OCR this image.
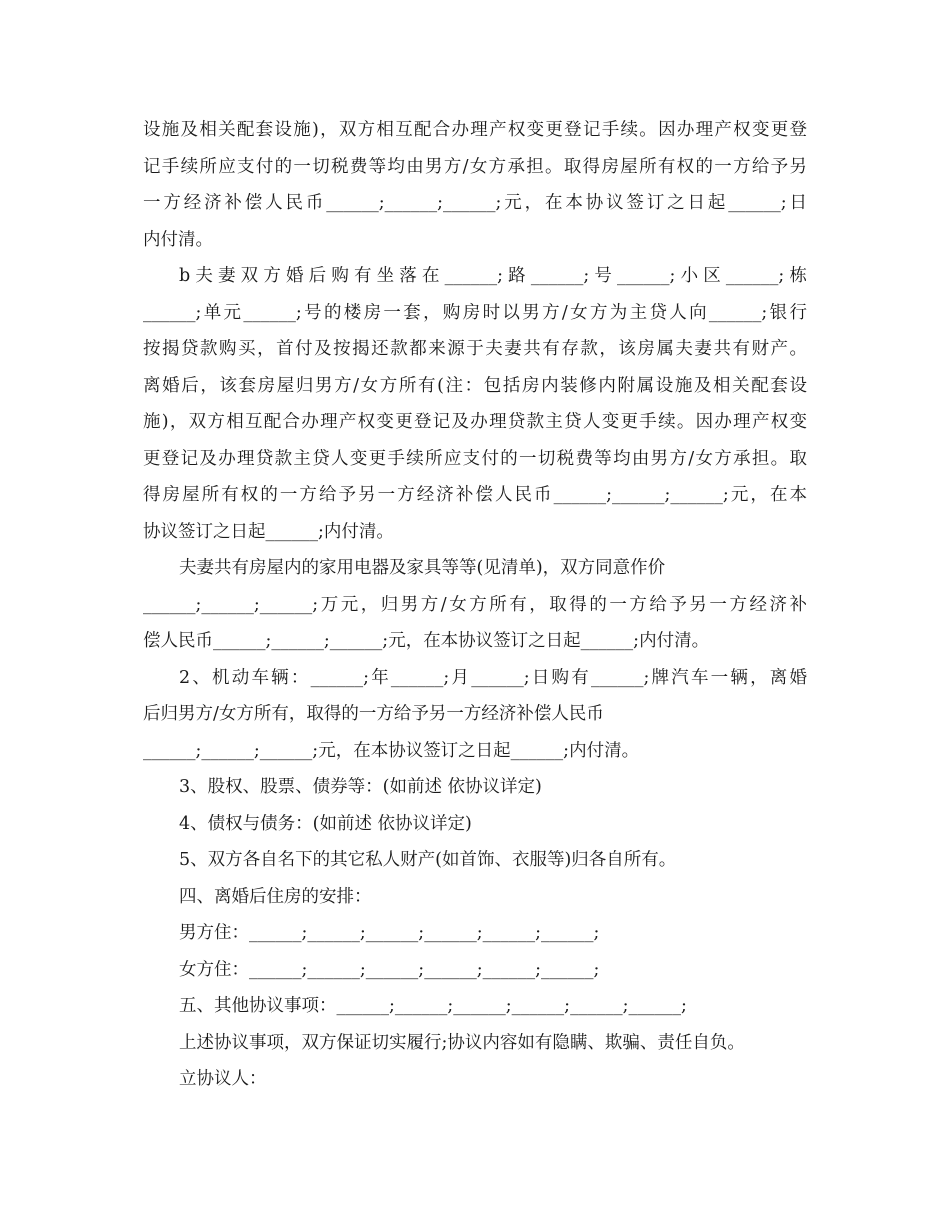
设施及相关配套设施)，双方相互配合办理产权变更登记手续。因办理产权变更登
记手续所应支付的一切税费等均由男方/女方承担。取得房屋所有权的一方给予另
一方经济补偿人民币______;______;______;元，在本协议签订之日起______;日
内付清。
b夫妻双方婚后购有坐落在______;路______;号______;小区______;栋
______;单元______;号的楼房一套，购房时以男方/女方为主贷人向______;银行
按揭贷款购买，首付及按揭还款都来源于夫妻共有存款，该房属夫妻共有财产。
离婚后，该套房屋归男方/女方所有(注：包括房内装修内附属设施及相关配套设
施)，双方相互配合办理产权变更登记及办理贷款主贷人变更手续。因办理产权变
更登记及办理贷款主贷人变更手续所应支付的一切税费等均由男方/女方承担。取
得房屋所有权的一方给予另一方经济补偿人民币______;______;______;元，在本
协议签订之日起______;内付清。
夫妻共有房屋内的家用电器及家具等等(见清单)，双方同意作价
______;______;______;万元，归男方/女方所有，取得的一方给予另一方经济补
偿人民币______;______;______;元，在本协议签订之日起______;内付清。
2、机动车辆：______;年______;月______;日购有______;牌汽车一辆，离婚
后归男方/女方所有，取得的一方给予另一方经济补偿人民币
______;______;______;元，在本协议签订之日起______;内付清。
3、股权、股票、债券等：(如前述 依协议详定)
4、债权与债务：(如前述 依协议详定)
5、双方各自名下的其它私人财产(如首饰、衣服等)归各自所有。
四、离婚后住房的安排：
男方住：______;______;______;______;______;______;
女方住：______;______;______;______;______;______;
五、其他协议事项：______;______;______;______;______;______;
上述协议事项，双方保证切实履行;协议内容如有隐瞒、欺骗、责任自负。
立协议人：
